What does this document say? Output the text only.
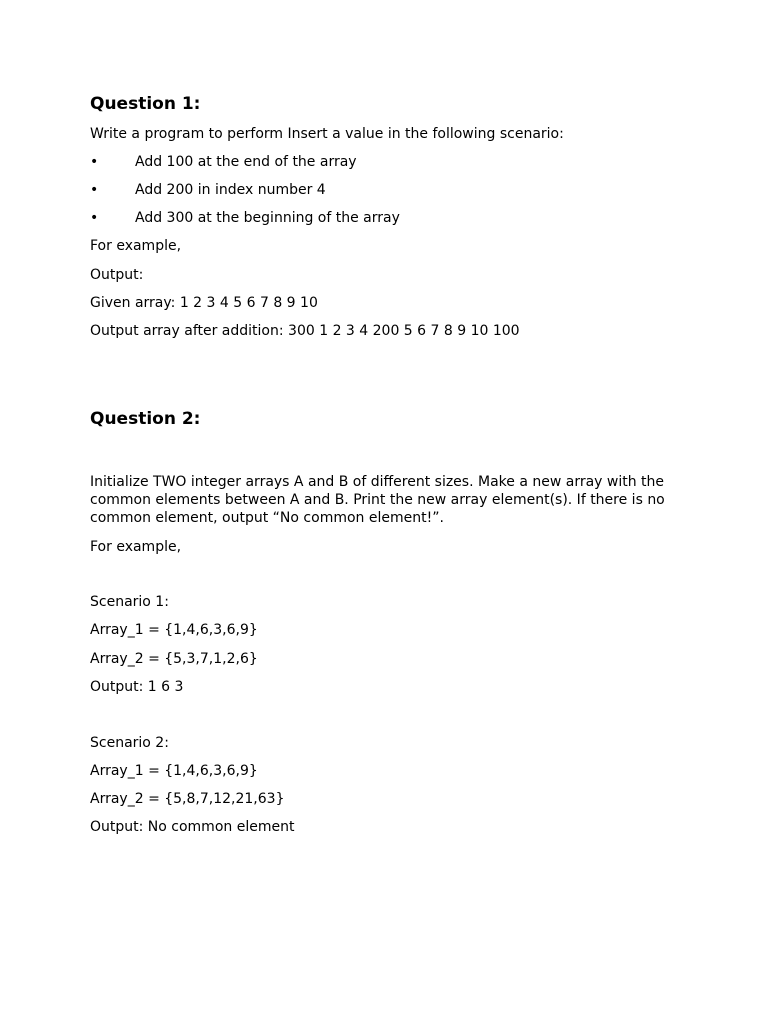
Question 1:

Write a program to perform Insert a value in the following scenario:

•	Add 100 at the end of the array
•	Add 200 in index number 4
•	Add 300 at the beginning of the array

For example,

Output:

Given array: 1 2 3 4 5 6 7 8 9 10

Output array after addition: 300 1 2 3 4 200 5 6 7 8 9 10 100

Question 2:

Initialize TWO integer arrays A and B of different sizes. Make a new array with the common elements between A and B. Print the new array element(s). If there is no common element, output “No common element!”.

For example,

Scenario 1:

Array_1 = {1,4,6,3,6,9}

Array_2 = {5,3,7,1,2,6}

Output: 1 6 3

Scenario 2:

Array_1 = {1,4,6,3,6,9}

Array_2 = {5,8,7,12,21,63}

Output: No common element
